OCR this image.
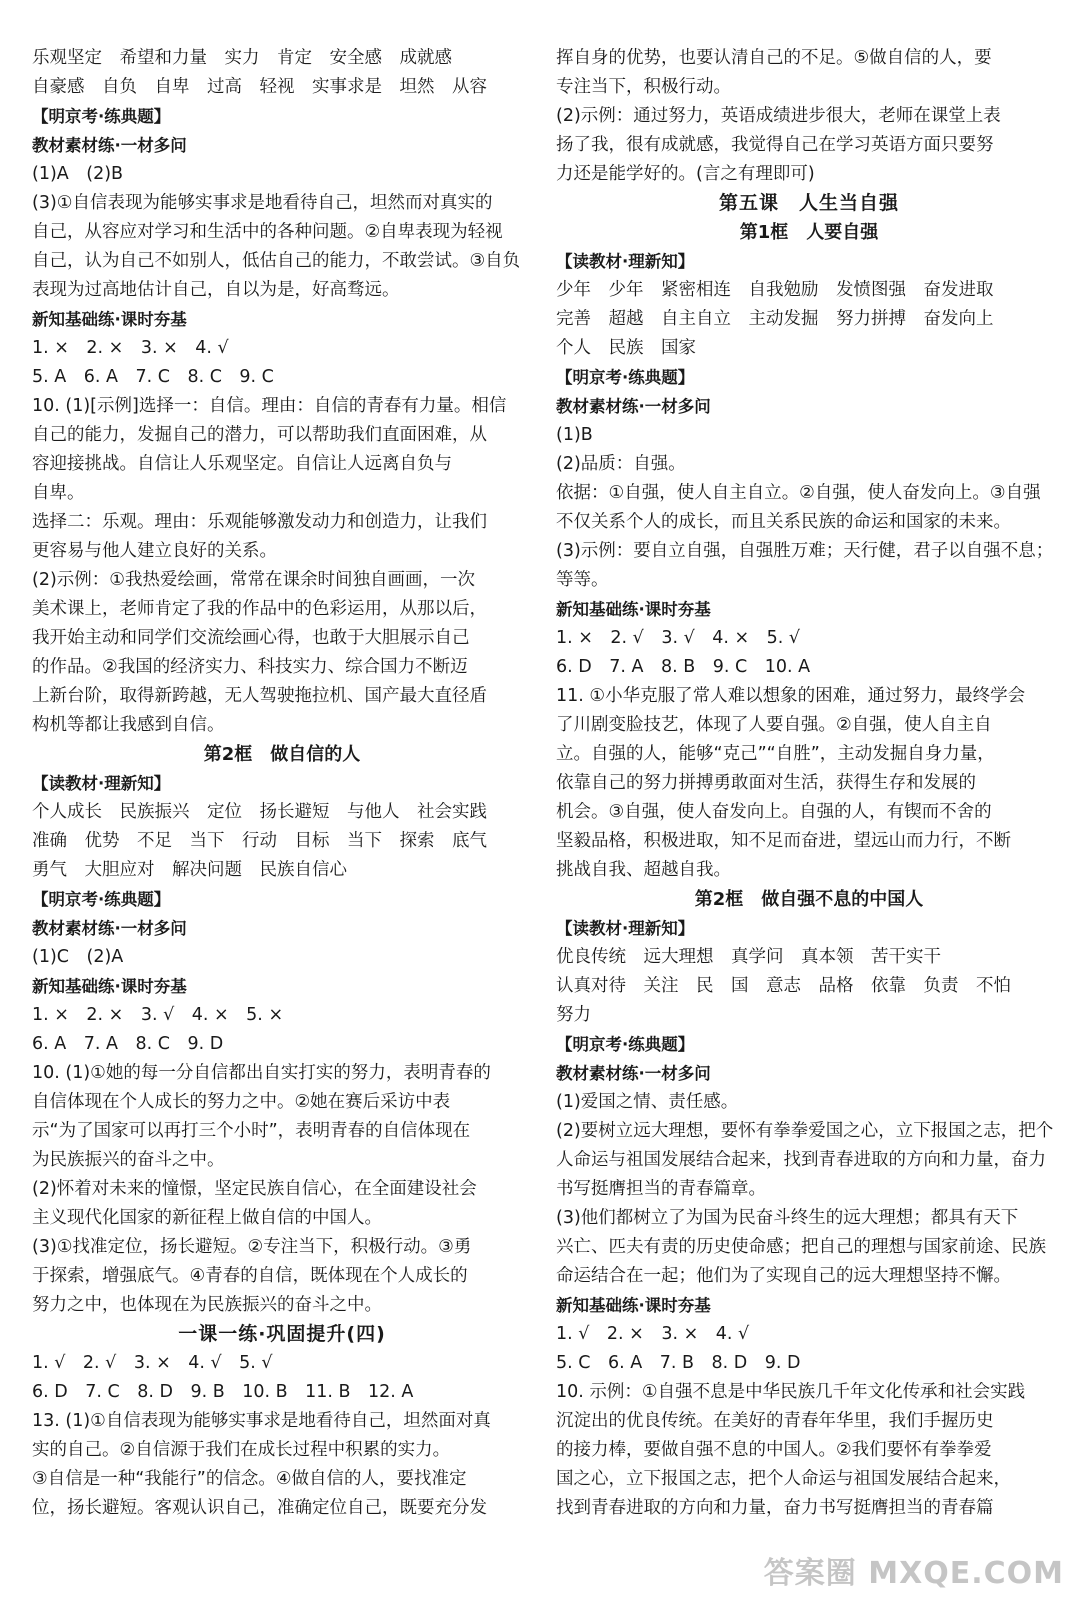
乐观坚定　希望和力量　实力　肯定　安全感　成就感
自豪感　自负　自卑　过高　轻视　实事求是　坦然　从容
【明京考·练典题】
教材素材练·一材多问
(1)A　(2)B
(3)①自信表现为能够实事求是地看待自己，坦然而对真实的
自己，从容应对学习和生活中的各种问题。②自卑表现为轻视
自己，认为自己不如别人，低估自己的能力，不敢尝试。③自负
表现为过高地估计自己，自以为是，好高骛远。
新知基础练·课时夯基
1. ×　2. ×　3. ×　4. √
5. A　6. A　7. C　8. C　9. C
10. (1)[示例]选择一：自信。理由：自信的青春有力量。相信
自己的能力，发掘自己的潜力，可以帮助我们直面困难，从
容迎接挑战。自信让人乐观坚定。自信让人远离自负与
自卑。
选择二：乐观。理由：乐观能够激发动力和创造力，让我们
更容易与他人建立良好的关系。
(2)示例：①我热爱绘画，常常在课余时间独自画画，一次
美术课上，老师肯定了我的作品中的色彩运用，从那以后，
我开始主动和同学们交流绘画心得，也敢于大胆展示自己
的作品。②我国的经济实力、科技实力、综合国力不断迈
上新台阶，取得新跨越，无人驾驶拖拉机、国产最大直径盾
构机等都让我感到自信。
第2框　做自信的人
【读教材·理新知】
个人成长　民族振兴　定位　扬长避短　与他人　社会实践
准确　优势　不足　当下　行动　目标　当下　探索　底气
勇气　大胆应对　解决问题　民族自信心
【明京考·练典题】
教材素材练·一材多问
(1)C　(2)A
新知基础练·课时夯基
1. ×　2. ×　3. √　4. ×　5. ×
6. A　7. A　8. C　9. D
10. (1)①她的每一分自信都出自实打实的努力，表明青春的
自信体现在个人成长的努力之中。②她在赛后采访中表
示“为了国家可以再打三个小时”，表明青春的自信体现在
为民族振兴的奋斗之中。
(2)怀着对未来的憧憬，坚定民族自信心，在全面建设社会
主义现代化国家的新征程上做自信的中国人。
(3)①找准定位，扬长避短。②专注当下，积极行动。③勇
于探索，增强底气。④青春的自信，既体现在个人成长的
努力之中，也体现在为民族振兴的奋斗之中。
一课一练·巩固提升(四)
1. √　2. √　3. ×　4. √　5. √
6. D　7. C　8. D　9. B　10. B　11. B　12. A
13. (1)①自信表现为能够实事求是地看待自己，坦然面对真
实的自己。②自信源于我们在成长过程中积累的实力。
③自信是一种“我能行”的信念。④做自信的人，要找准定
位，扬长避短。客观认识自己，准确定位自己，既要充分发
挥自身的优势，也要认清自己的不足。⑤做自信的人，要
专注当下，积极行动。
(2)示例：通过努力，英语成绩进步很大，老师在课堂上表
扬了我，很有成就感，我觉得自己在学习英语方面只要努
力还是能学好的。(言之有理即可)
第五课　人生当自强
第1框　人要自强
【读教材·理新知】
少年　少年　紧密相连　自我勉励　发愤图强　奋发进取
完善　超越　自主自立　主动发掘　努力拼搏　奋发向上
个人　民族　国家
【明京考·练典题】
教材素材练·一材多问
(1)B
(2)品质：自强。
依据：①自强，使人自主自立。②自强，使人奋发向上。③自强
不仅关系个人的成长，而且关系民族的命运和国家的未来。
(3)示例：要自立自强，自强胜万难；天行健，君子以自强不息；
等等。
新知基础练·课时夯基
1. ×　2. √　3. √　4. ×　5. √
6. D　7. A　8. B　9. C　10. A
11. ①小华克服了常人难以想象的困难，通过努力，最终学会
了川剧变脸技艺，体现了人要自强。②自强，使人自主自
立。自强的人，能够“克己”“自胜”，主动发掘自身力量，
依靠自己的努力拼搏勇敢面对生活，获得生存和发展的
机会。③自强，使人奋发向上。自强的人，有锲而不舍的
坚毅品格，积极进取，知不足而奋进，望远山而力行，不断
挑战自我、超越自我。
第2框　做自强不息的中国人
【读教材·理新知】
优良传统　远大理想　真学问　真本领　苦干实干
认真对待　关注　民　国　意志　品格　依靠　负责　不怕
努力
【明京考·练典题】
教材素材练·一材多问
(1)爱国之情、责任感。
(2)要树立远大理想，要怀有拳拳爱国之心，立下报国之志，把个
人命运与祖国发展结合起来，找到青春进取的方向和力量，奋力
书写挺膺担当的青春篇章。
(3)他们都树立了为国为民奋斗终生的远大理想；都具有天下
兴亡、匹夫有责的历史使命感；把自己的理想与国家前途、民族
命运结合在一起；他们为了实现自己的远大理想坚持不懈。
新知基础练·课时夯基
1. √　2. ×　3. ×　4. √
5. C　6. A　7. B　8. D　9. D
10. 示例：①自强不息是中华民族几千年文化传承和社会实践
沉淀出的优良传统。在美好的青春年华里，我们手握历史
的接力棒，要做自强不息的中国人。②我们要怀有拳拳爱
国之心，立下报国之志，把个人命运与祖国发展结合起来，
找到青春进取的方向和力量，奋力书写挺膺担当的青春篇
答案圈 MXQE.COM
